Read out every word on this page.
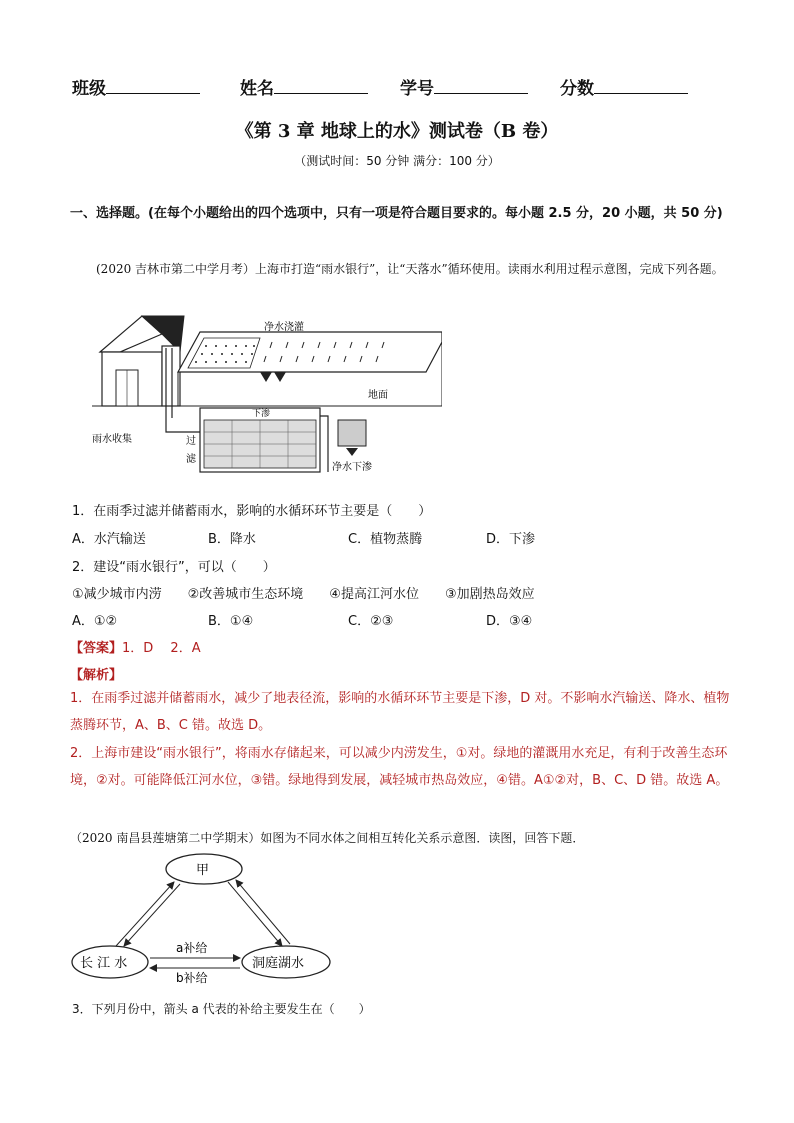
班级	姓名	学号	分数
《第 3 章 地球上的水》测试卷（B 卷）
（测试时间：50 分钟 满分：100 分）
一、选择题。(在每个小题给出的四个选项中，只有一项是符合题目要求的。每小题 2.5 分，20 小题，共 50 分)
(2020 吉林市第二中学月考）上海市打造“雨水银行”，让“天落水”循环使用。读雨水利用过程示意图，完成下列各题。
净水浇灌
地面
下渗
雨水收集	过
滤
净水下渗
1．在雨季过滤并储蓄雨水，影响的水循环环节主要是（　　）
A．水汽输送	B．降水	C．植物蒸腾	D．下渗
2．建设“雨水银行”，可以（　　）
①减少城市内涝　　②改善城市生态环境　　④提高江河水位　　③加剧热岛效应
A．①②	B．①④	C．②③	D．③④
【答案】1．D　 2．A
【解析】
1．在雨季过滤并储蓄雨水，减少了地表径流，影响的水循环环节主要是下渗，D 对。不影响水汽输送、降水、植物蒸腾环节，A、B、C 错。故选 D。
2．上海市建设“雨水银行”，将雨水存储起来，可以减少内涝发生，①对。绿地的灌溉用水充足，有利于改善生态环境，②对。可能降低江河水位，③错。绿地得到发展，减轻城市热岛效应，④错。A①②对，B、C、D 错。故选 A。
（2020 南昌县莲塘第二中学期末）如图为不同水体之间相互转化关系示意图．读图，回答下题．
甲
长 江 水	洞庭湖水
a补给
b补给
3．下列月份中，箭头 a 代表的补给主要发生在（　　）
